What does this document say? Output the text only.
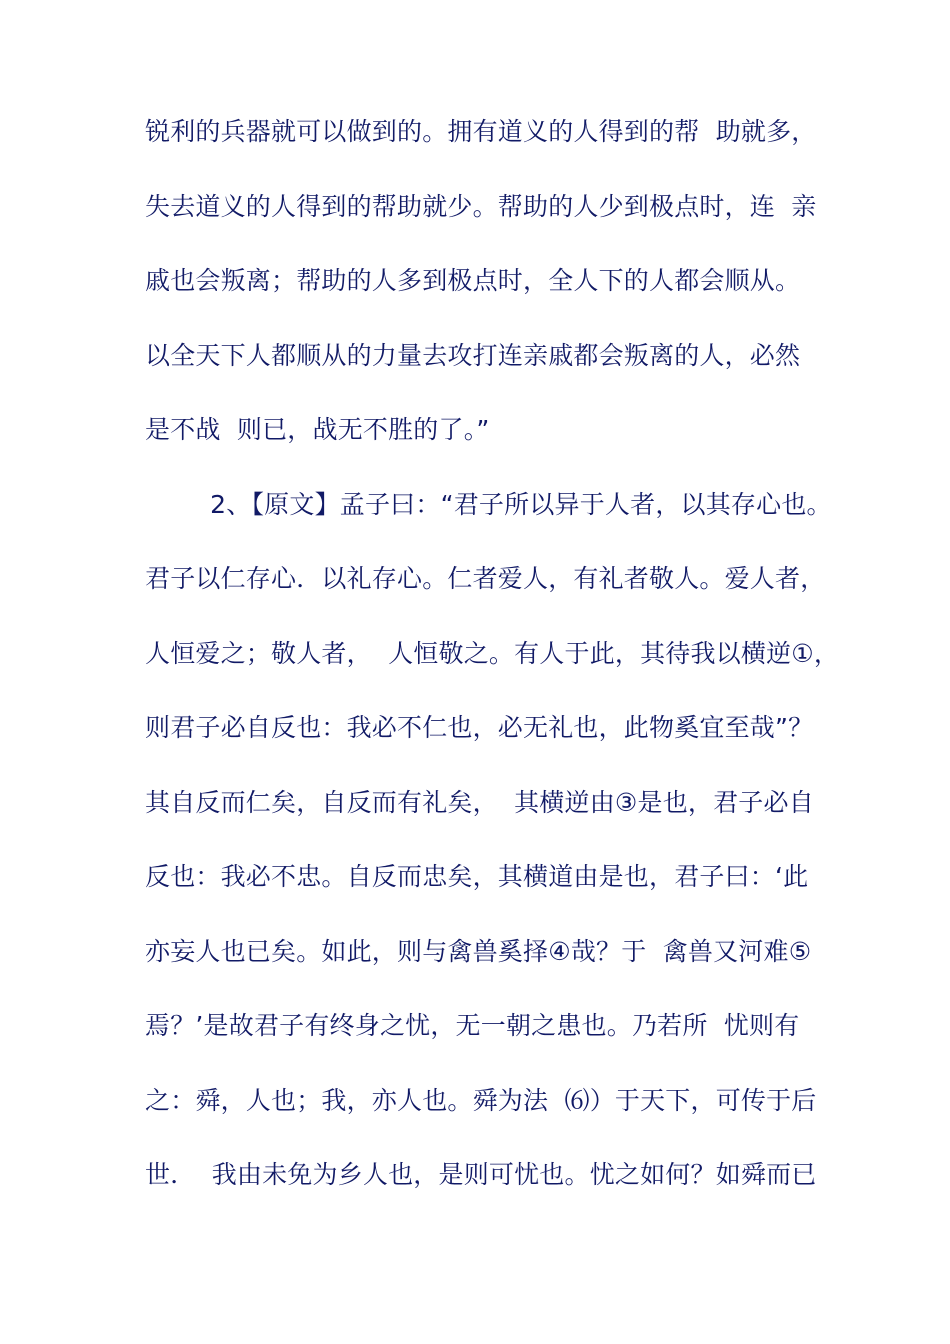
锐利的兵器就可以做到的。拥有道义的人得到的帮  助就多，
失去道义的人得到的帮助就少。帮助的人少到极点时，连  亲
戚也会叛离；帮助的人多到极点时，全人下的人都会顺从。
以全天下人都顺从的力量去攻打连亲戚都会叛离的人，必然
是不战  则已，战无不胜的了。”
2、【原文】孟子曰：“君子所以异于人者，以其存心也。
君子以仁存心．以礼存心。仁者爱人，有礼者敬人。爱人者，
人恒爱之；敬人者，  人恒敬之。有人于此，其待我以横逆①，
则君子必自反也：我必不仁也，必无礼也，此物奚宜至哉”？
其自反而仁矣，自反而有礼矣，  其横逆由③是也，君子必自
反也：我必不忠。自反而忠矣，其横道由是也，君子曰：‘此
亦妄人也已矣。如此，则与禽兽奚择④哉？于  禽兽又河难⑤
焉？’是故君子有终身之忧，无一朝之患也。乃若所  忧则有
之：舜，人也；我，亦人也。舜为法  ⑹）于天下，可传于后
世．  我由未免为乡人也，是则可忧也。忧之如何？如舜而已
